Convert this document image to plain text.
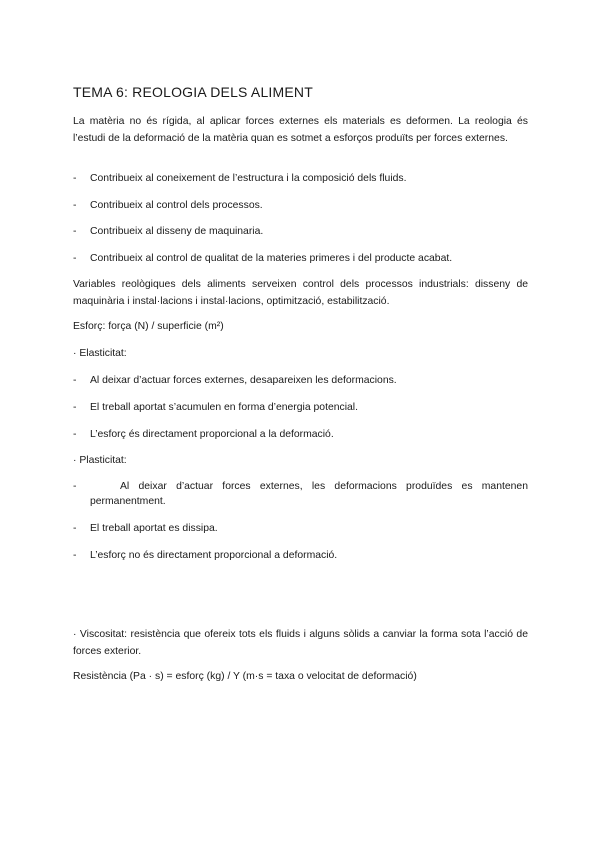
TEMA 6: REOLOGIA DELS ALIMENT

La matèria no és rígida, al aplicar forces externes els materials es deformen. La reologia és l’estudi de la deformació de la matèria quan es sotmet a esforços produïts per forces externes.

-	Contribueix al coneixement de l’estructura i la composició dels fluids.
-	Contribueix al control dels processos.
-	Contribueix al disseny de maquinaria.
-	Contribueix al control de qualitat de la materies primeres i del producte acabat.

Variables reològiques dels aliments serveixen control dels processos industrials: disseny de maquinària i instal·lacions i instal·lacions, optimització, estabilització.

Esforç: força (N) / superficie (m²)

· Elasticitat:

-	Al deixar d’actuar forces externes, desapareixen les deformacions.
-	El treball aportat s’acumulen en forma d’energia potencial.
-	L’esforç és directament proporcional a la deformació.

· Plasticitat:

-	Al deixar d’actuar forces externes, les deformacions produïdes es mantenen permanentment.
-	El treball aportat es dissipa.
-	L’esforç no és directament proporcional a deformació.

· Viscositat: resistència que ofereix tots els fluids i alguns sòlids a canviar la forma sota l’acció de forces exterior.

Resistència (Pa · s) = esforç (kg) / Y (m·s = taxa o velocitat de deformació)
